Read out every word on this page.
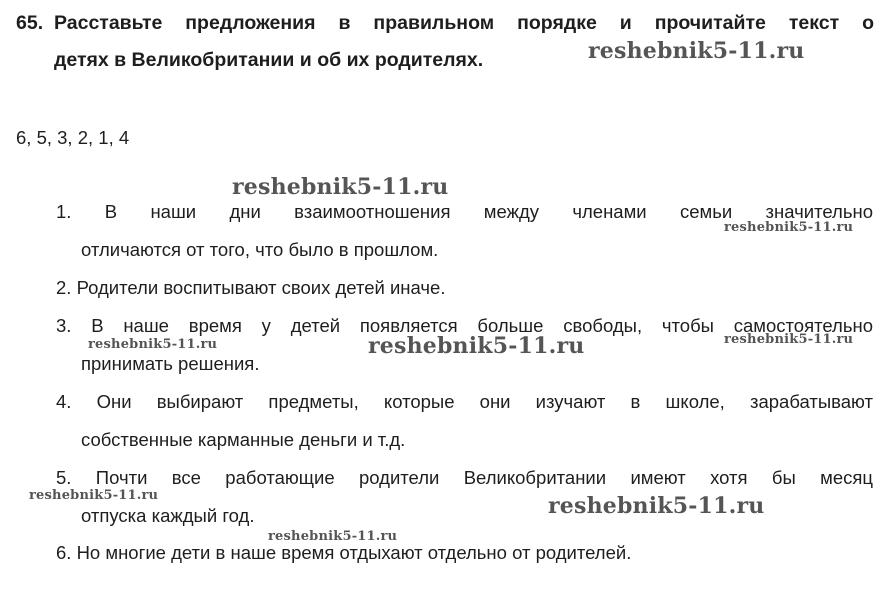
65. Расставьте предложения в правильном порядке и прочитайте текст о
детях в Великобритании и об их родителях.
6, 5, 3, 2, 1, 4
1. В наши дни взаимоотношения между членами семьи значительно
отличаются от того, что было в прошлом.
2. Родители воспитывают своих детей иначе.
3. В наше время у детей появляется больше свободы, чтобы самостоятельно
принимать решения.
4. Они выбирают предметы, которые они изучают в школе, зарабатывают
собственные карманные деньги и т.д.
5. Почти все работающие родители Великобритании имеют хотя бы месяц
отпуска каждый год.
6. Но многие дети в наше время отдыхают отдельно от родителей.
reshebnik5-11.ru
reshebnik5-11.ru
reshebnik5-11.ru
reshebnik5-11.ru	reshebnik5-11.ru	reshebnik5-11.ru
reshebnik5-11.ru	reshebnik5-11.ru
reshebnik5-11.ru
